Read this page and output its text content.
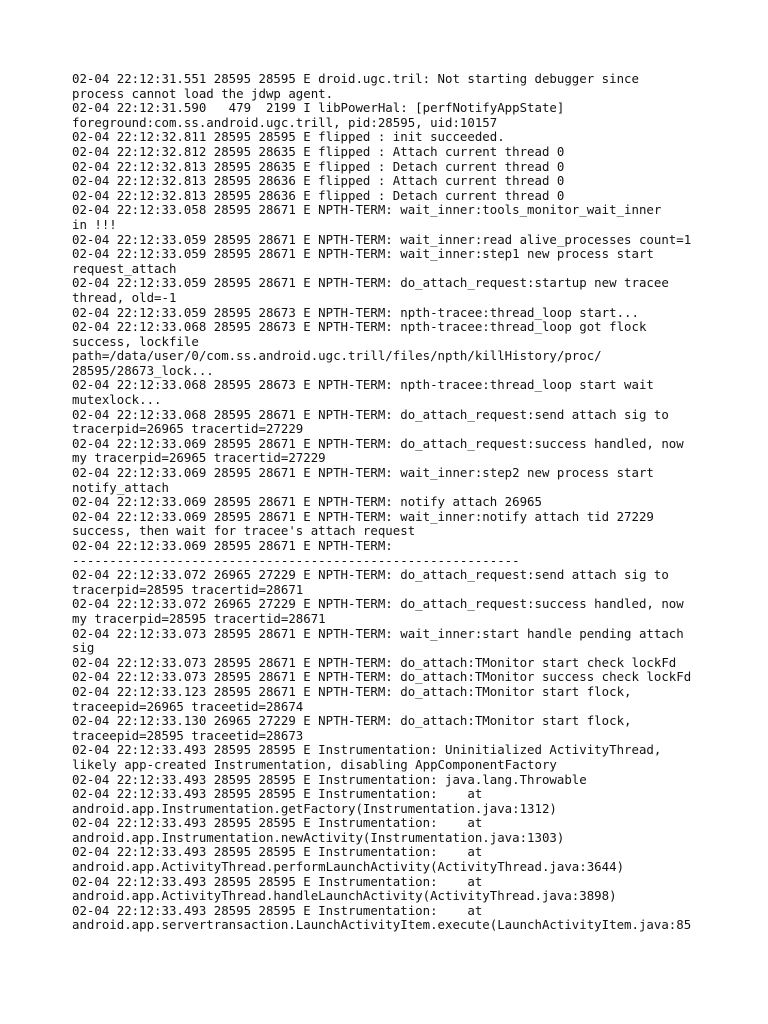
02-04 22:12:31.551 28595 28595 E droid.ugc.tril: Not starting debugger since
process cannot load the jdwp agent.
02-04 22:12:31.590   479  2199 I libPowerHal: [perfNotifyAppState]
foreground:com.ss.android.ugc.trill, pid:28595, uid:10157
02-04 22:12:32.811 28595 28595 E flipped : init succeeded.
02-04 22:12:32.812 28595 28635 E flipped : Attach current thread 0
02-04 22:12:32.813 28595 28635 E flipped : Detach current thread 0
02-04 22:12:32.813 28595 28636 E flipped : Attach current thread 0
02-04 22:12:32.813 28595 28636 E flipped : Detach current thread 0
02-04 22:12:33.058 28595 28671 E NPTH-TERM: wait_inner:tools_monitor_wait_inner
in !!!
02-04 22:12:33.059 28595 28671 E NPTH-TERM: wait_inner:read alive_processes count=1
02-04 22:12:33.059 28595 28671 E NPTH-TERM: wait_inner:step1 new process start
request_attach
02-04 22:12:33.059 28595 28671 E NPTH-TERM: do_attach_request:startup new tracee
thread, old=-1
02-04 22:12:33.059 28595 28673 E NPTH-TERM: npth-tracee:thread_loop start...
02-04 22:12:33.068 28595 28673 E NPTH-TERM: npth-tracee:thread_loop got flock
success, lockfile
path=/data/user/0/com.ss.android.ugc.trill/files/npth/killHistory/proc/
28595/28673_lock...
02-04 22:12:33.068 28595 28673 E NPTH-TERM: npth-tracee:thread_loop start wait
mutexlock...
02-04 22:12:33.068 28595 28671 E NPTH-TERM: do_attach_request:send attach sig to
tracerpid=26965 tracertid=27229
02-04 22:12:33.069 28595 28671 E NPTH-TERM: do_attach_request:success handled, now
my tracerpid=26965 tracertid=27229
02-04 22:12:33.069 28595 28671 E NPTH-TERM: wait_inner:step2 new process start
notify_attach
02-04 22:12:33.069 28595 28671 E NPTH-TERM: notify attach 26965
02-04 22:12:33.069 28595 28671 E NPTH-TERM: wait_inner:notify attach tid 27229
success, then wait for tracee's attach request
02-04 22:12:33.069 28595 28671 E NPTH-TERM:
------------------------------------------------------------
02-04 22:12:33.072 26965 27229 E NPTH-TERM: do_attach_request:send attach sig to
tracerpid=28595 tracertid=28671
02-04 22:12:33.072 26965 27229 E NPTH-TERM: do_attach_request:success handled, now
my tracerpid=28595 tracertid=28671
02-04 22:12:33.073 28595 28671 E NPTH-TERM: wait_inner:start handle pending attach
sig
02-04 22:12:33.073 28595 28671 E NPTH-TERM: do_attach:TMonitor start check lockFd
02-04 22:12:33.073 28595 28671 E NPTH-TERM: do_attach:TMonitor success check lockFd
02-04 22:12:33.123 28595 28671 E NPTH-TERM: do_attach:TMonitor start flock,
traceepid=26965 traceetid=28674
02-04 22:12:33.130 26965 27229 E NPTH-TERM: do_attach:TMonitor start flock,
traceepid=28595 traceetid=28673
02-04 22:12:33.493 28595 28595 E Instrumentation: Uninitialized ActivityThread,
likely app-created Instrumentation, disabling AppComponentFactory
02-04 22:12:33.493 28595 28595 E Instrumentation: java.lang.Throwable
02-04 22:12:33.493 28595 28595 E Instrumentation:    at
android.app.Instrumentation.getFactory(Instrumentation.java:1312)
02-04 22:12:33.493 28595 28595 E Instrumentation:    at
android.app.Instrumentation.newActivity(Instrumentation.java:1303)
02-04 22:12:33.493 28595 28595 E Instrumentation:    at
android.app.ActivityThread.performLaunchActivity(ActivityThread.java:3644)
02-04 22:12:33.493 28595 28595 E Instrumentation:    at
android.app.ActivityThread.handleLaunchActivity(ActivityThread.java:3898)
02-04 22:12:33.493 28595 28595 E Instrumentation:    at
android.app.servertransaction.LaunchActivityItem.execute(LaunchActivityItem.java:85
